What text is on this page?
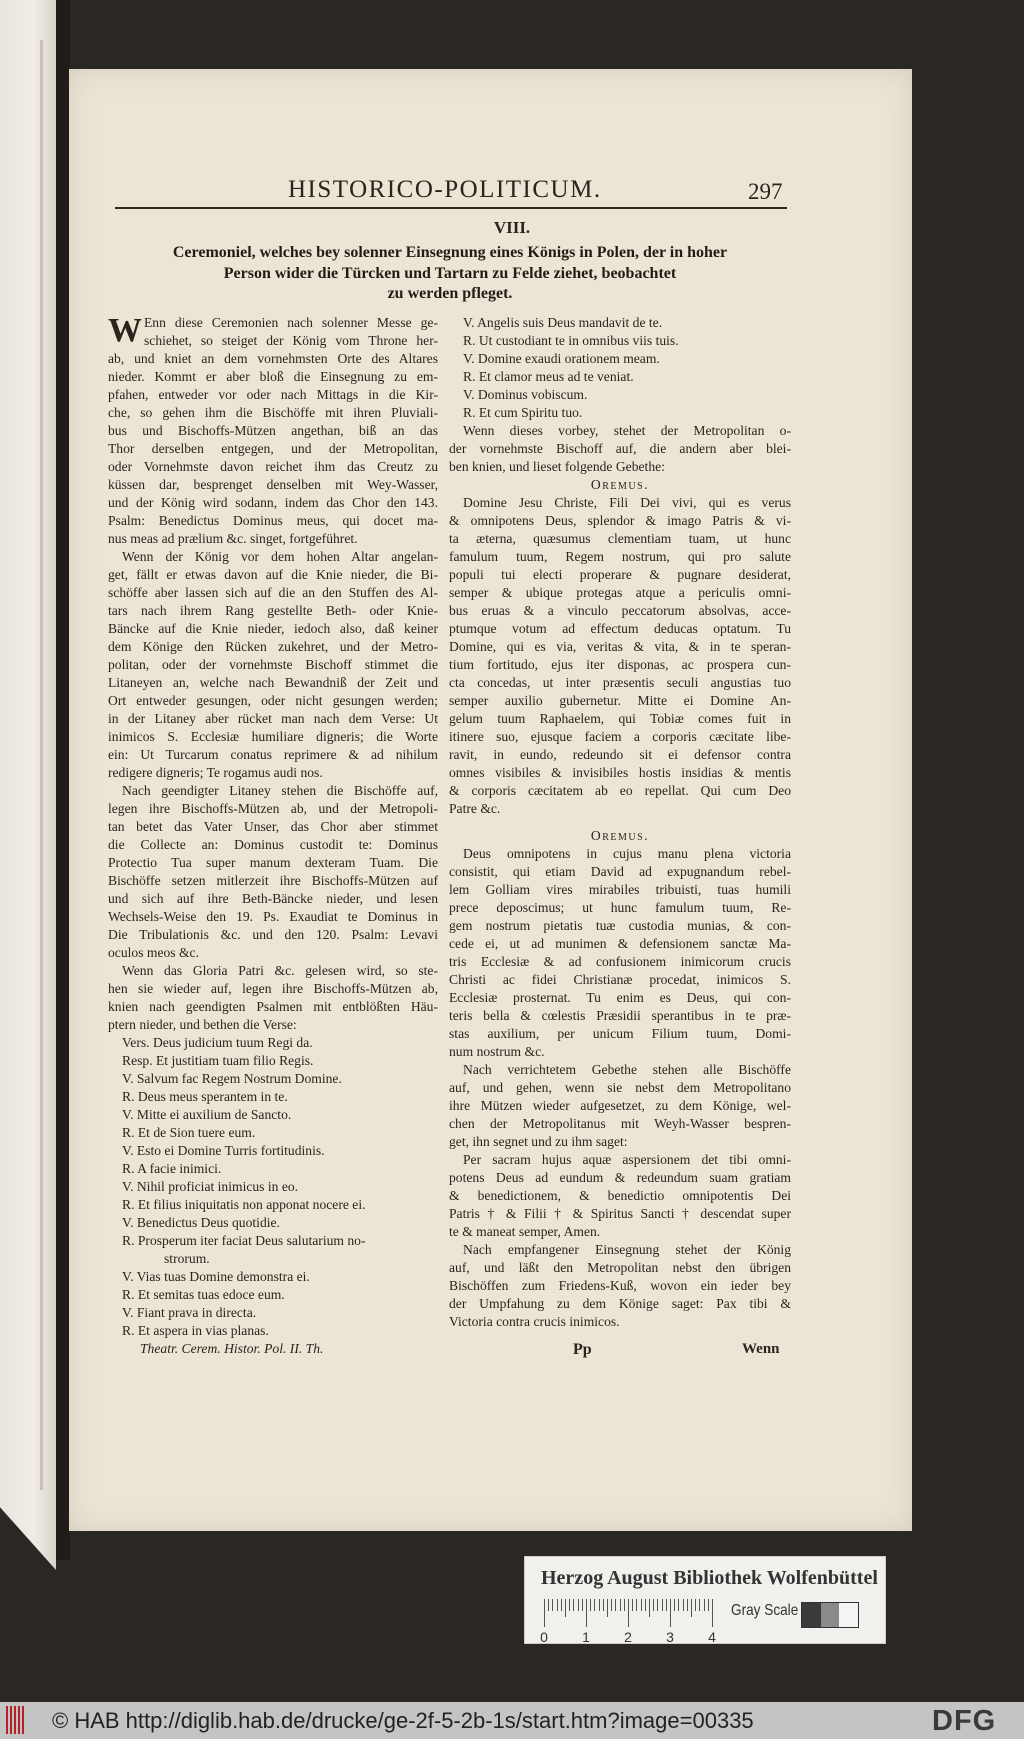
HISTORICO-POLITICUM.	297
VIII.
Ceremoniel, welches bey solenner Einsegnung eines Königs in Polen, der in hoher
Person wider die Türcken und Tartarn zu Felde ziehet, beobachtet
zu werden pfleget.
W Enn diese Ceremonien nach solenner Messe ge-
schiehet, so steiget der König vom Throne her-
ab, und kniet an dem vornehmsten Orte des Altares
nieder. Kommt er aber bloß die Einsegnung zu em-
pfahen, entweder vor oder nach Mittags in die Kir-
che, so gehen ihm die Bischöffe mit ihren Pluviali-
bus und Bischoffs-Mützen angethan, biß an das
Thor derselben entgegen, und der Metropolitan,
oder Vornehmste davon reichet ihm das Creutz zu
küssen dar, besprenget denselben mit Wey-Wasser,
und der König wird sodann, indem das Chor den 143.
Psalm: Benedictus Dominus meus, qui docet ma-
nus meas ad prælium &c. singet, fortgeführet.
Wenn der König vor dem hohen Altar angelan-
get, fällt er etwas davon auf die Knie nieder, die Bi-
schöffe aber lassen sich auf die an den Stuffen des Al-
tars nach ihrem Rang gestellte Beth- oder Knie-
Bäncke auf die Knie nieder, iedoch also, daß keiner
dem Könige den Rücken zukehret, und der Metro-
politan, oder der vornehmste Bischoff stimmet die
Litaneyen an, welche nach Bewandniß der Zeit und
Ort entweder gesungen, oder nicht gesungen werden;
in der Litaney aber rücket man nach dem Verse: Ut
inimicos S. Ecclesiæ humiliare digneris; die Worte
ein: Ut Turcarum conatus reprimere & ad nihilum
redigere digneris; Te rogamus audi nos.
Nach geendigter Litaney stehen die Bischöffe auf,
legen ihre Bischoffs-Mützen ab, und der Metropoli-
tan betet das Vater Unser, das Chor aber stimmet
die Collecte an: Dominus custodit te: Dominus
Protectio Tua super manum dexteram Tuam. Die
Bischöffe setzen mitlerzeit ihre Bischoffs-Mützen auf
und sich auf ihre Beth-Bäncke nieder, und lesen
Wechsels-Weise den 19. Ps. Exaudiat te Dominus in
Die Tribulationis &c. und den 120. Psalm: Levavi
oculos meos &c.
Wenn das Gloria Patri &c. gelesen wird, so ste-
hen sie wieder auf, legen ihre Bischoffs-Mützen ab,
knien nach geendigten Psalmen mit entblößten Häu-
ptern nieder, und bethen die Verse:
Vers. Deus judicium tuum Regi da.
Resp. Et justitiam tuam filio Regis.
V. Salvum fac Regem Nostrum Domine.
R. Deus meus sperantem in te.
V. Mitte ei auxilium de Sancto.
R. Et de Sion tuere eum.
V. Esto ei Domine Turris fortitudinis.
R. A facie inimici.
V. Nihil proficiat inimicus in eo.
R. Et filius iniquitatis non apponat nocere ei.
V. Benedictus Deus quotidie.
R. Prosperum iter faciat Deus salutarium no-
strorum.
V. Vias tuas Domine demonstra ei.
R. Et semitas tuas edoce eum.
V. Fiant prava in directa.
R. Et aspera in vias planas.
Theatr. Cerem. Histor. Pol. II. Th.
V. Angelis suis Deus mandavit de te.
R. Ut custodiant te in omnibus viis tuis.
V. Domine exaudi orationem meam.
R. Et clamor meus ad te veniat.
V. Dominus vobiscum.
R. Et cum Spiritu tuo.
Wenn dieses vorbey, stehet der Metropolitan o-
der vornehmste Bischoff auf, die andern aber blei-
ben knien, und lieset folgende Gebethe:
Oremus.
Domine Jesu Christe, Fili Dei vivi, qui es verus
& omnipotens Deus, splendor & imago Patris & vi-
ta æterna, quæsumus clementiam tuam, ut hunc
famulum tuum, Regem nostrum, qui pro salute
populi tui electi properare & pugnare desiderat,
semper & ubique protegas atque a periculis omni-
bus eruas & a vinculo peccatorum absolvas, acce-
ptumque votum ad effectum deducas optatum. Tu
Domine, qui es via, veritas & vita, & in te speran-
tium fortitudo, ejus iter disponas, ac prospera cun-
cta concedas, ut inter præsentis seculi angustias tuo
semper auxilio gubernetur. Mitte ei Domine An-
gelum tuum Raphaelem, qui Tobiæ comes fuit in
itinere suo, ejusque faciem a corporis cæcitate libe-
ravit, in eundo, redeundo sit ei defensor contra
omnes visibiles & invisibiles hostis insidias & mentis
& corporis cæcitatem ab eo repellat. Qui cum Deo
Patre &c.
Oremus.
Deus omnipotens in cujus manu plena victoria
consistit, qui etiam David ad expugnandum rebel-
lem Golliam vires mirabiles tribuisti, tuas humili
prece deposcimus; ut hunc famulum tuum, Re-
gem nostrum pietatis tuæ custodia munias, & con-
cede ei, ut ad munimen & defensionem sanctæ Ma-
tris Ecclesiæ & ad confusionem inimicorum crucis
Christi ac fidei Christianæ procedat, inimicos S.
Ecclesiæ prosternat. Tu enim es Deus, qui con-
teris bella & cœlestis Præsidii sperantibus in te præ-
stas auxilium, per unicum Filium tuum, Domi-
num nostrum &c.
Nach verrichtetem Gebethe stehen alle Bischöffe
auf, und gehen, wenn sie nebst dem Metropolitano
ihre Mützen wieder aufgesetzet, zu dem Könige, wel-
chen der Metropolitanus mit Weyh-Wasser bespren-
get, ihn segnet und zu ihm saget:
Per sacram hujus aquæ aspersionem det tibi omni-
potens Deus ad eundum & redeundum suam gratiam
& benedictionem, & benedictio omnipotentis Dei
Patris † & Filii † & Spiritus Sancti † descendat super
te & maneat semper, Amen.
Nach empfangener Einsegnung stehet der König
auf, und läßt den Metropolitan nebst den übrigen
Bischöffen zum Friedens-Kuß, wovon ein ieder bey
der Umpfahung zu dem Könige saget: Pax tibi &
Victoria contra crucis inimicos.
Pp	Wenn
Herzog August Bibliothek Wolfenbüttel
0 1 2 3 4
Gray Scale
© HAB http://diglib.hab.de/drucke/ge-2f-5-2b-1s/start.htm?image=00335	DFG
